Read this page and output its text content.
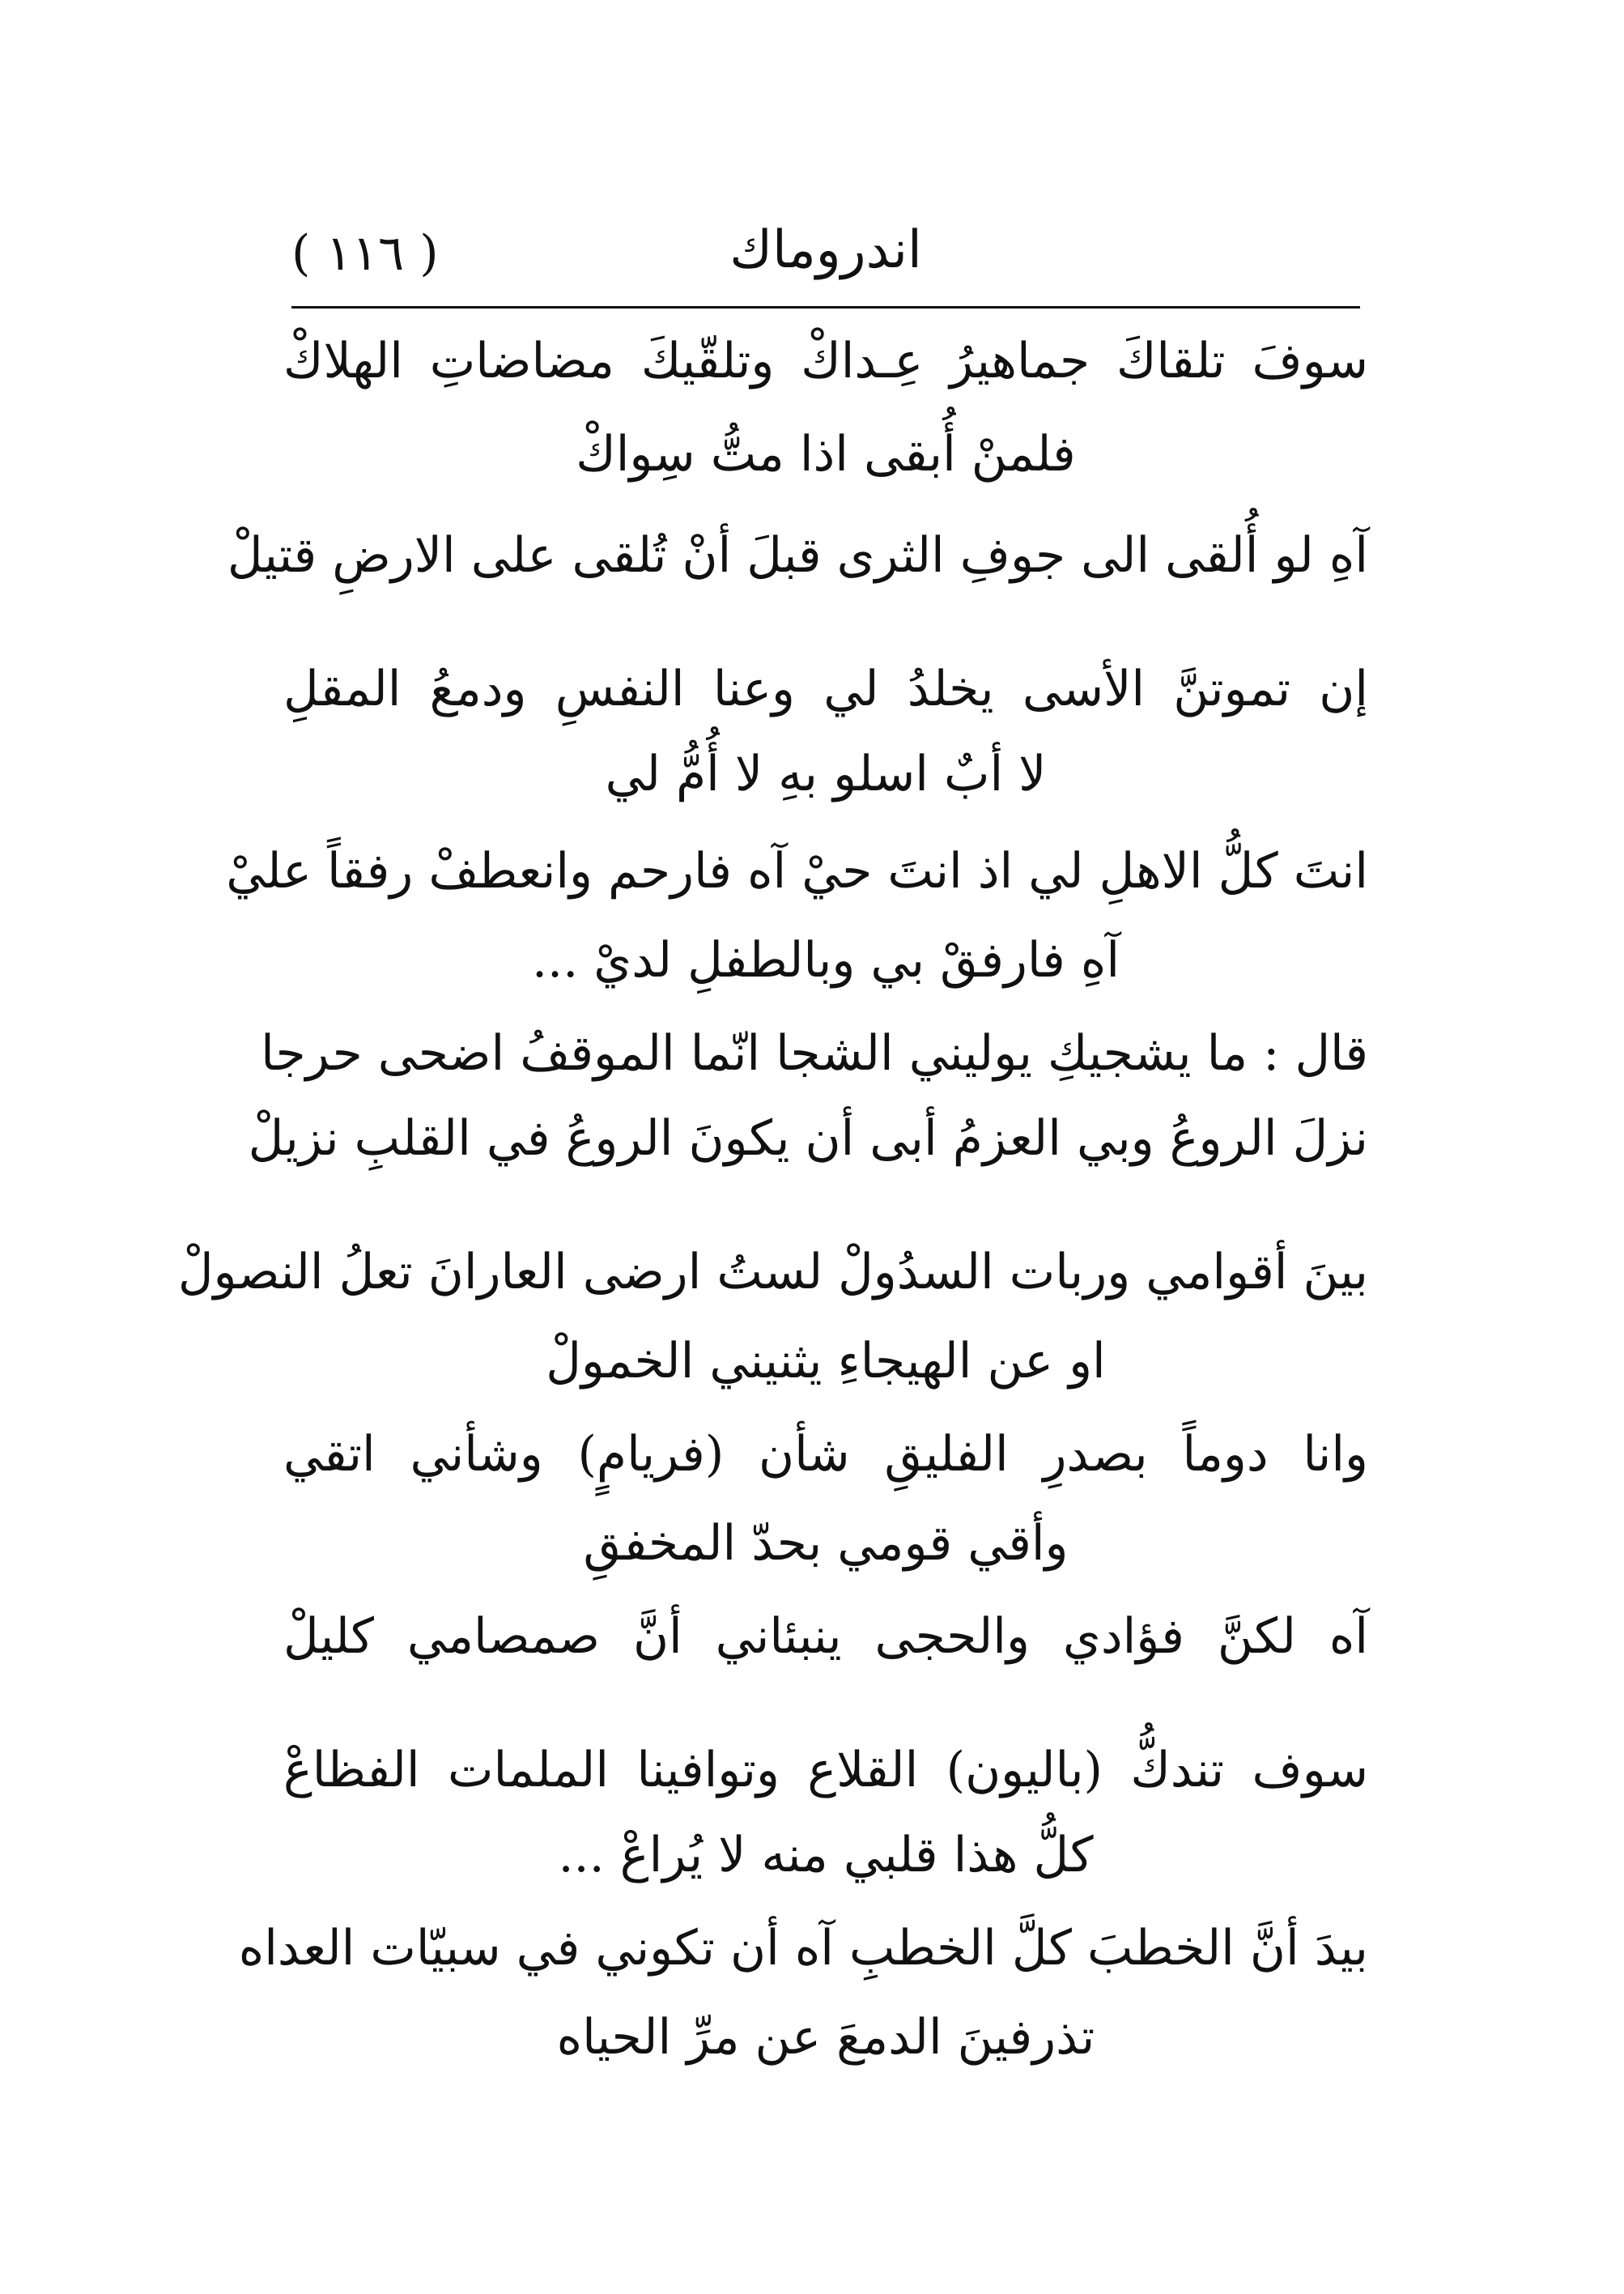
( ١١٦ )	اندروماك
سوفَ تلقاكَ جماهيرُ عِـداكْ وتلقّيكَ مضاضاتِ الهلاكْ
فلمنْ أُبقى اذا متُّ سِواكْ
آهِ لو أُلقى الى جوفِ الثرى قبلَ أنْ تُلقى على الارضِ قتيلْ
إن تموتنَّ الأسى يخلدُ لي وعنا النفسِ ودمعُ المقلِ
لا أبٌ اسلو بهِ لا أُمُّ لي
انتَ كلُّ الاهلِ لي اذ انتَ حيْ آه فارحم وانعطفْ رفقاً عليْ
آهِ فارفقْ بي وبالطفلِ لديْ ...
قال : ما يشجيكِ يوليني الشجا انّما الموقفُ اضحى حرجا
نزلَ الروعُ وبي العزمُ أبى أن يكونَ الروعُ في القلبِ نزيلْ
بينَ أقوامي وربات السدُولْ لستُ ارضى العارانَ تعلُ النصولْ
او عن الهيجاءِ يثنيني الخمولْ
وانا دوماً بصدرِ الفليقِ شأن (فريامٍ) وشأني اتقي
وأقي قومي بحدّ المخفقِ
آه لكنَّ فؤادي والحجى ينبئاني أنَّ صمصامي كليلْ
سوف تندكُّ (باليون) القلاع وتوافينا الملمات الفظاعْ
كلُّ هذا قلبي منه لا يُراعْ ...
بيدَ أنَّ الخطبَ كلَّ الخطبِ آه أن تكوني في سبيّات العداه
تذرفينَ الدمعَ عن مرِّ الحياه
